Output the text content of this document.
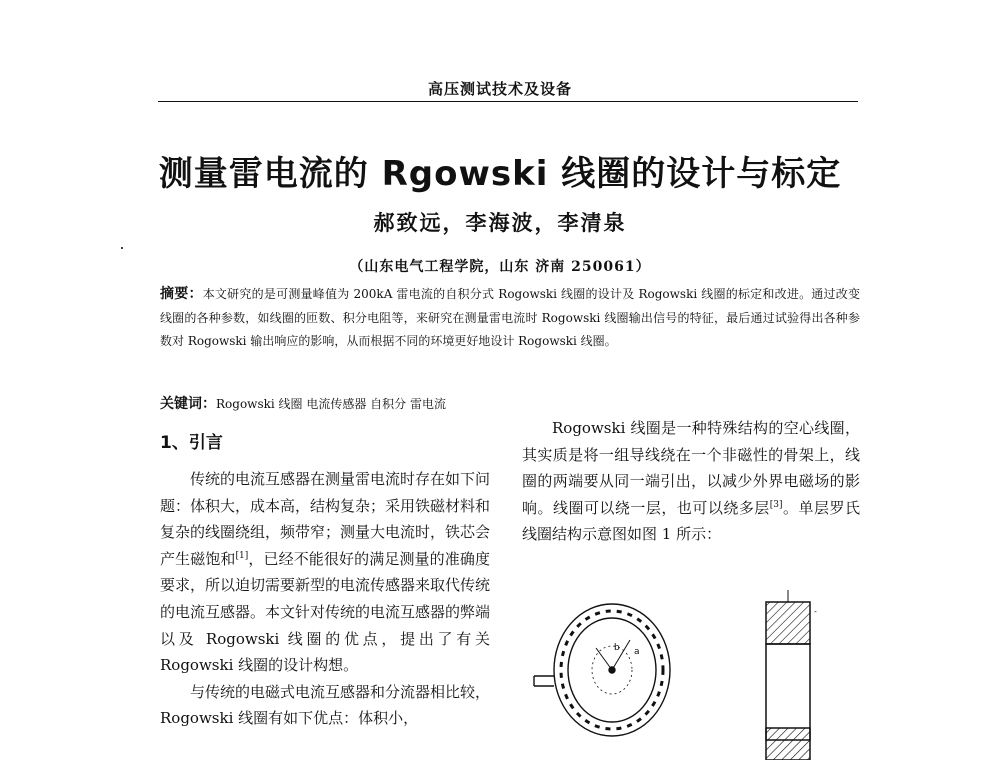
高压测试技术及设备
测量雷电流的 Rgowski 线圈的设计与标定
郝致远，李海波，李清泉
（山东电气工程学院，山东 济南 250061）
摘要：本文研究的是可测量峰值为 200kA 雷电流的自积分式 Rogowski 线圈的设计及 Rogowski 线圈的标定和改进。通过改变线圈的各种参数，如线圈的匝数、积分电阻等，来研究在测量雷电流时 Rogowski 线圈输出信号的特征，最后通过试验得出各种参数对 Rogowski 输出响应的影响，从而根据不同的环境更好地设计 Rogowski 线圈。
关键词：Rogowski 线圈 电流传感器 自积分 雷电流
1、引言

传统的电流互感器在测量雷电流时存在如下问题：体积大，成本高，结构复杂；采用铁磁材料和复杂的线圈绕组，频带窄；测量大电流时，铁芯会产生磁饱和[1]，已经不能很好的满足测量的准确度要求，所以迫切需要新型的电流传感器来取代传统的电流互感器。本文针对传统的电流互感器的弊端以及 Rogowski 线圈的优点，提出了有关 Rogowski 线圈的设计构想。

与传统的电磁式电流互感器和分流器相比较，Rogowski 线圈有如下优点：体积小，

Rogowski 线圈是一种特殊结构的空心线圈，其实质是将一组导线绕在一个非磁性的骨架上，线圈的两端要从同一端引出，以减少外界电磁场的影响。线圈可以绕一层，也可以绕多层[3]。单层罗氏线圈结构示意图如图 1 所示：

b a
-
